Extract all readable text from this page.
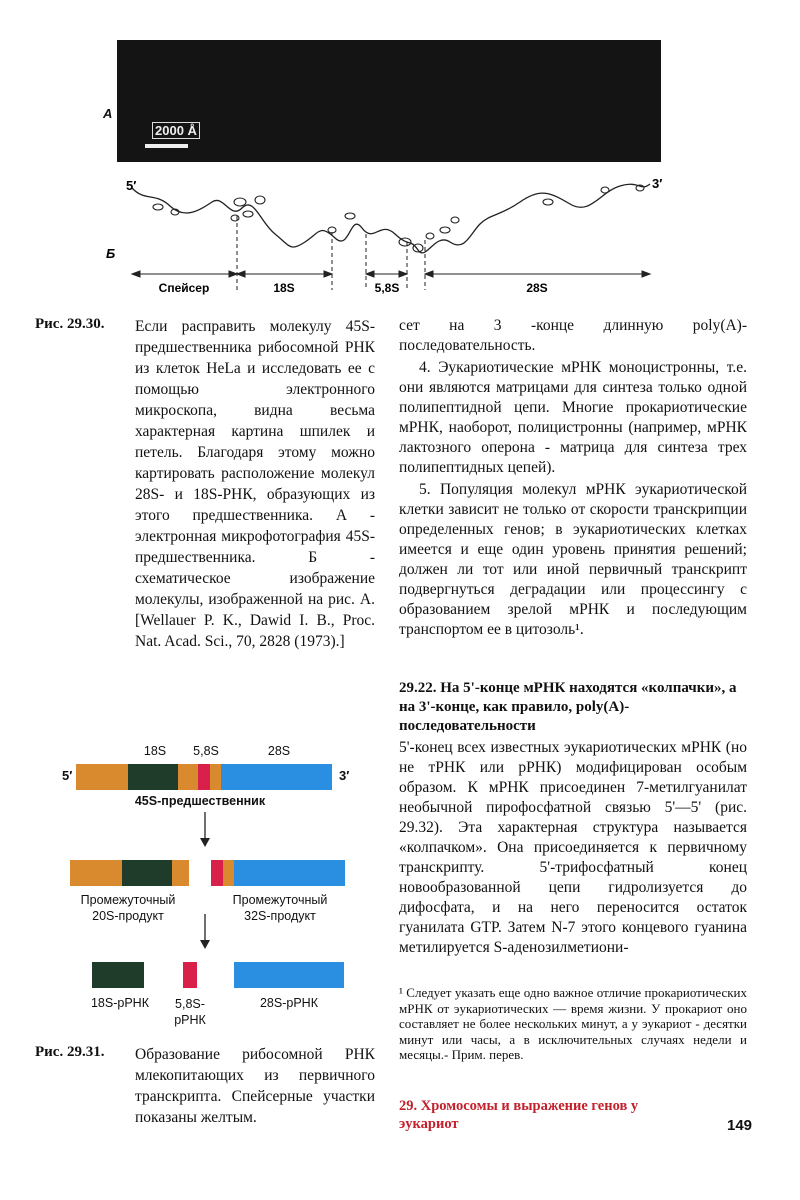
А
2000 Å
5′	3′
Б
Спейсер	18S	5,8S	28S
Рис. 29.30. Если расправить молекулу 45S-предшественника рибосомной РНК из клеток HeLa и исследовать ее с помощью электронного микроскопа, видна весьма характерная картина шпилек и петель. Благодаря этому можно картировать расположение молекул 28S- и 18S-РНК, образующих из этого предшественника. А - электронная микрофотография 45S-предшественника. Б - схематическое изображение молекулы, изображенной на рис. А. [Wellauer P. K., Dawid I. B., Proc. Nat. Acad. Sci., 70, 2828 (1973).]
18S	5,8S	28S
5′	3′
45S-предшественник
Промежуточный
20S-продукт
Промежуточный
32S-продукт
18S-рРНК	5,8S-
рРНК
28S-рРНК
Рис. 29.31. Образование рибосомной РНК млекопитающих из первичного транскрипта. Спейсерные участки показаны желтым.

сет на 3 -конце длинную poly(A)-последовательность.

4. Эукариотические мРНК моноцистронны, т.е. они являются матрицами для синтеза только одной полипептидной цепи. Многие прокариотические мРНК, наоборот, полицистронны (например, мРНК лактозного оперона - матрица для синтеза трех полипептидных цепей).

5. Популяция молекул мРНК эукариотической клетки зависит не только от скорости транскрипции определенных генов; в эукариотических клетках имеется и еще один уровень принятия решений; должен ли тот или иной первичный транскрипт подвергнуться деградации или процессингу с образованием зрелой мРНК и последующим транспортом ее в цитозоль¹.

29.22. На 5'-конце мРНК находятся «колпачки», а на 3'-конце, как правило, poly(A)-последовательности
5'-конец всех известных эукариотических мРНК (но не тРНК или рРНК) модифицирован особым образом. К мРНК присоединен 7-метилгуанилат необычной пирофосфатной связью 5'—5' (рис. 29.32). Эта характерная структура называется «колпачком». Она присоединяется к первичному транскрипту. 5'-трифосфатный конец новообразованной цепи гидролизуется до дифосфата, и на него переносится остаток гуанилата GTP. Затем N-7 этого концевого гуанина метилируется S-аденозилметиони-
¹ Следует указать еще одно важное отличие прокариотических мРНК от эукариотических — время жизни. У прокариот оно составляет не более нескольких минут, а у эукариот - десятки минут или часы, а в исключительных случаях недели и месяцы.- Прим. перев.
29. Хромосомы и выражение генов у эукариот	149
